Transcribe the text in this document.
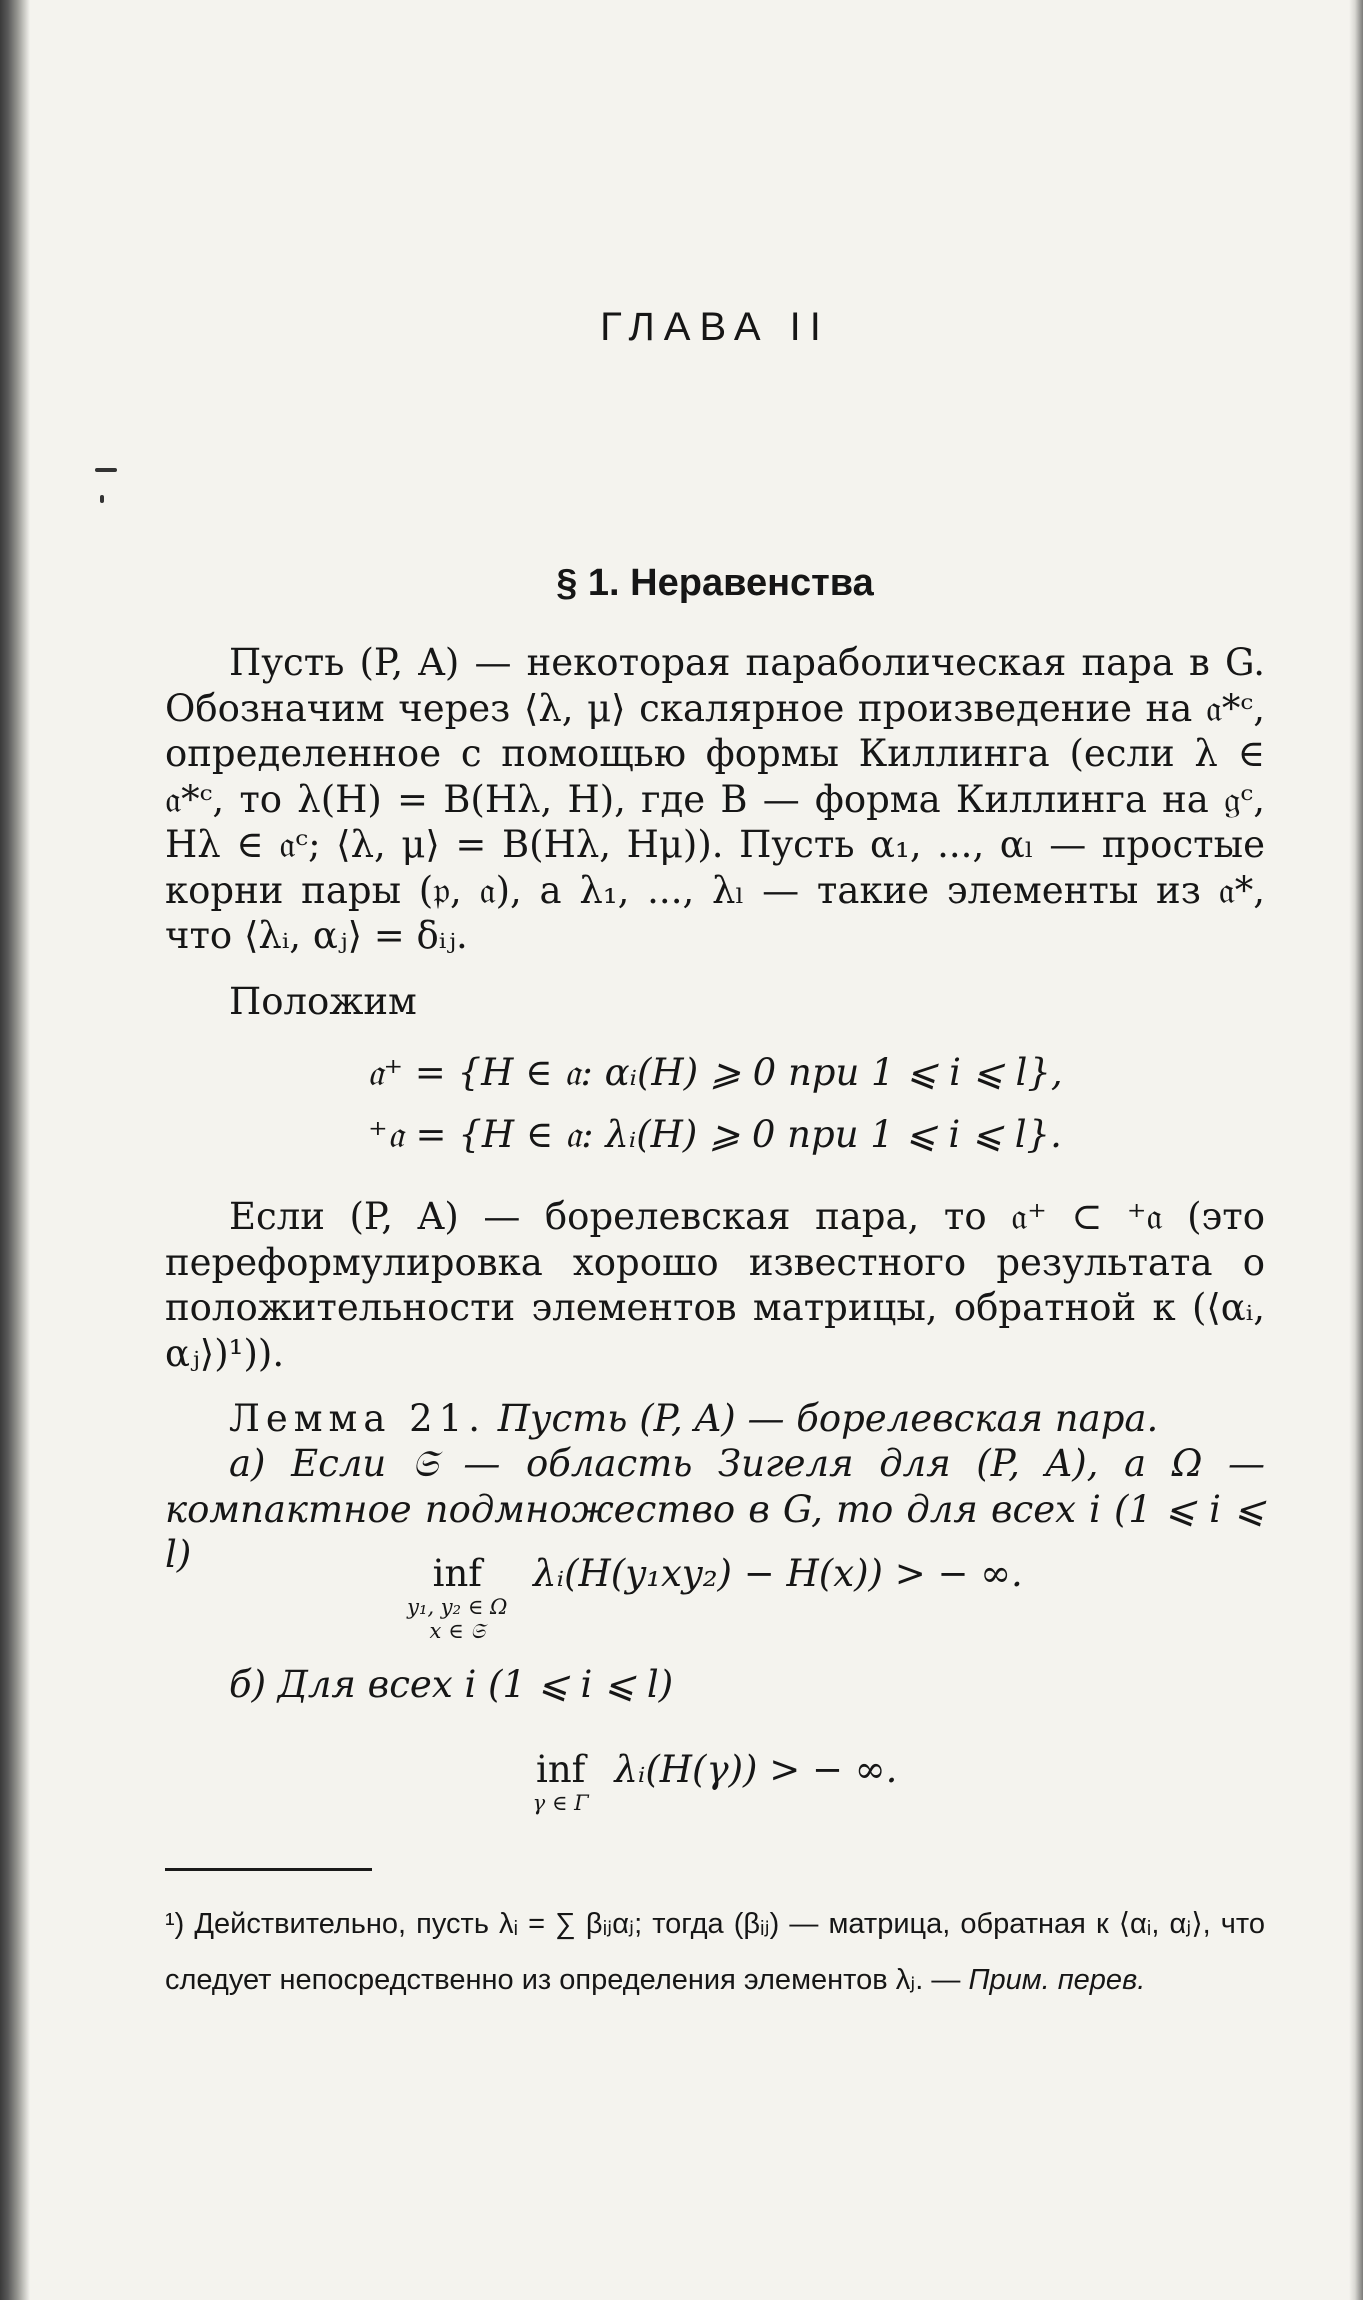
ГЛАВА II
§ 1. Неравенства
Пусть (P, A) — некоторая параболическая пара в G. Обозначим через ⟨λ, μ⟩ скалярное произведение на 𝔞*ᶜ, определенное с помощью формы Киллинга (если λ ∈ 𝔞*ᶜ, то λ(H) = B(Hλ, H), где B — форма Киллинга на 𝔤ᶜ, Hλ ∈ 𝔞ᶜ; ⟨λ, μ⟩ = B(Hλ, Hμ)). Пусть α₁, ..., αₗ — простые корни пары (𝔭, 𝔞), а λ₁, ..., λₗ — такие элементы из 𝔞*, что ⟨λᵢ, αⱼ⟩ = δᵢⱼ.
Положим
𝔞⁺ = {H ∈ 𝔞: αᵢ(H) ⩾ 0 при 1 ⩽ i ⩽ l},
⁺𝔞 = {H ∈ 𝔞: λᵢ(H) ⩾ 0 при 1 ⩽ i ⩽ l}.
Если (P, A) — борелевская пара, то 𝔞⁺ ⊂ ⁺𝔞 (это переформулировка хорошо известного результата о положительности элементов матрицы, обратной к (⟨αᵢ, αⱼ⟩)¹)).
Лемма 21. Пусть (P, A) — борелевская пара.
а) Если 𝔖 — область Зигеля для (P, A), а Ω — компактное подмножество в G, то для всех i (1 ⩽ i ⩽ l)	inf
y₁, y₂ ∈ Ω
x ∈ 𝔖
λᵢ(H(y₁xy₂) − H(x)) > − ∞.
б) Для всех i (1 ⩽ i ⩽ l)
inf
γ ∈ Γ
λᵢ(H(γ)) > − ∞.
¹) Действительно, пусть λᵢ = ∑ βᵢⱼαⱼ; тогда (βᵢⱼ) — матрица, обратная к ⟨αᵢ, αⱼ⟩, что следует непосредственно из определения элементов λⱼ. — Прим. перев.
